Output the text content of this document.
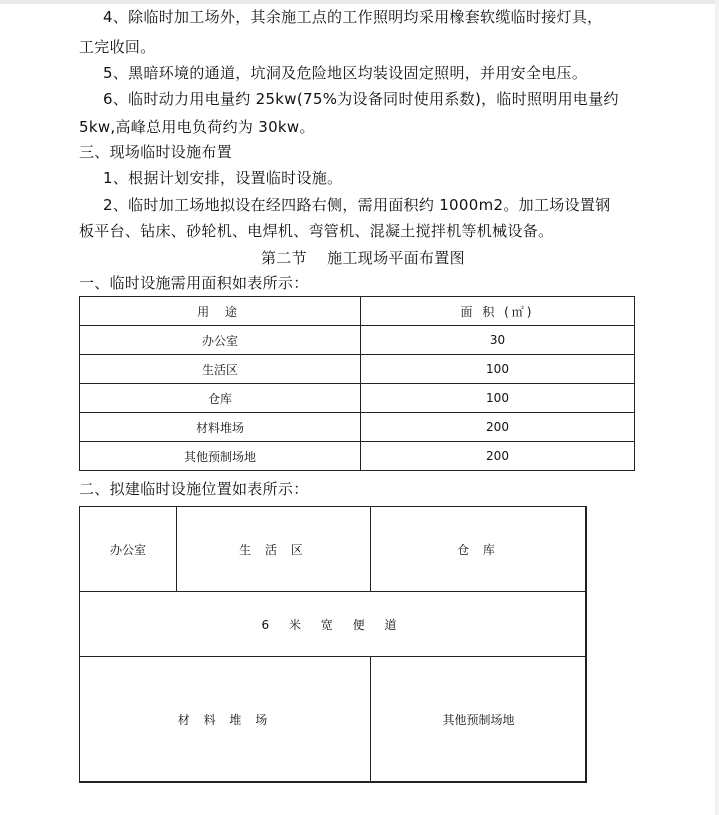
4、除临时加工场外，其余施工点的工作照明均采用橡套软缆临时接灯具，
工完收回。
5、黑暗环境的通道，坑洞及危险地区均装设固定照明，并用安全电压。
6、临时动力用电量约 25kw(75%为设备同时使用系数)，临时照明用电量约
5kw,高峰总用电负荷约为 30kw。
三、现场临时设施布置
1、根据计划安排，设置临时设施。
2、临时加工场地拟设在经四路右侧，需用面积约 1000m2。加工场设置钢
板平台、钻床、砂轮机、电焊机、弯管机、混凝土搅拌机等机械设备。
第二节    施工现场平面布置图
一、临时设施需用面积如表所示：
用 途	面 积 (㎡)
办公室	30
生活区	100
仓库	100
材料堆场	200
其他预制场地	200
二、拟建临时设施位置如表所示：
办公室	生 活 区	仓 库
6 米 宽 便 道
材 料 堆 场	其他预制场地
